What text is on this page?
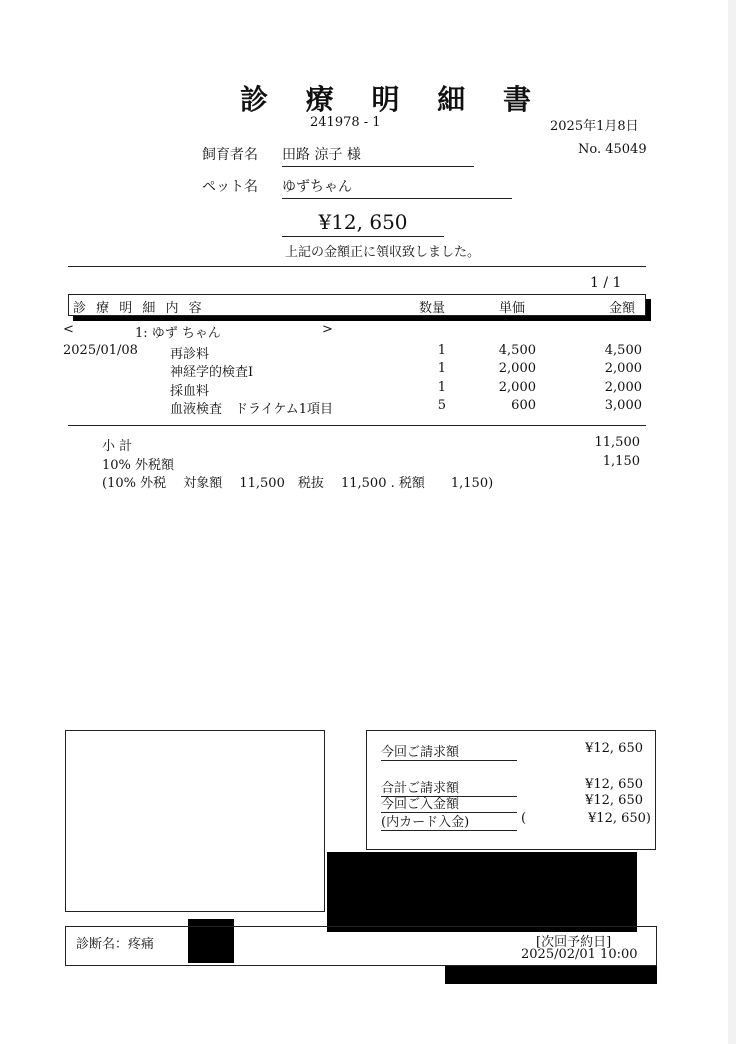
診 療 明 細 書
241978 - 1	2025年1月8日
No. 45049
飼育者名 田路 涼子 様
ペット名 ゆずちゃん
¥12, 650
上記の金額正に領収致しました。
1 / 1
診 療 明 細 内 容	数量	単価	金額
<	1: ゆず ちゃん	>
2025/01/08 再診料	1	4,500	4,500
神経学的検査Ⅰ	1	2,000	2,000
採血料	1	2,000	2,000
血液検査　ドライケム1項目	5	600	3,000
小 計	11,500
10% 外税額	1,150
(10% 外税　 対象額　 11,500　税抜　 11,500 . 税額　　1,150)
今回ご請求額	¥12, 650
合計ご請求額	¥12, 650
今回ご入金額	¥12, 650
(内カード入金)	(	¥12, 650)
診断名：疼痛	[次回予約日]
2025/02/01 10:00
